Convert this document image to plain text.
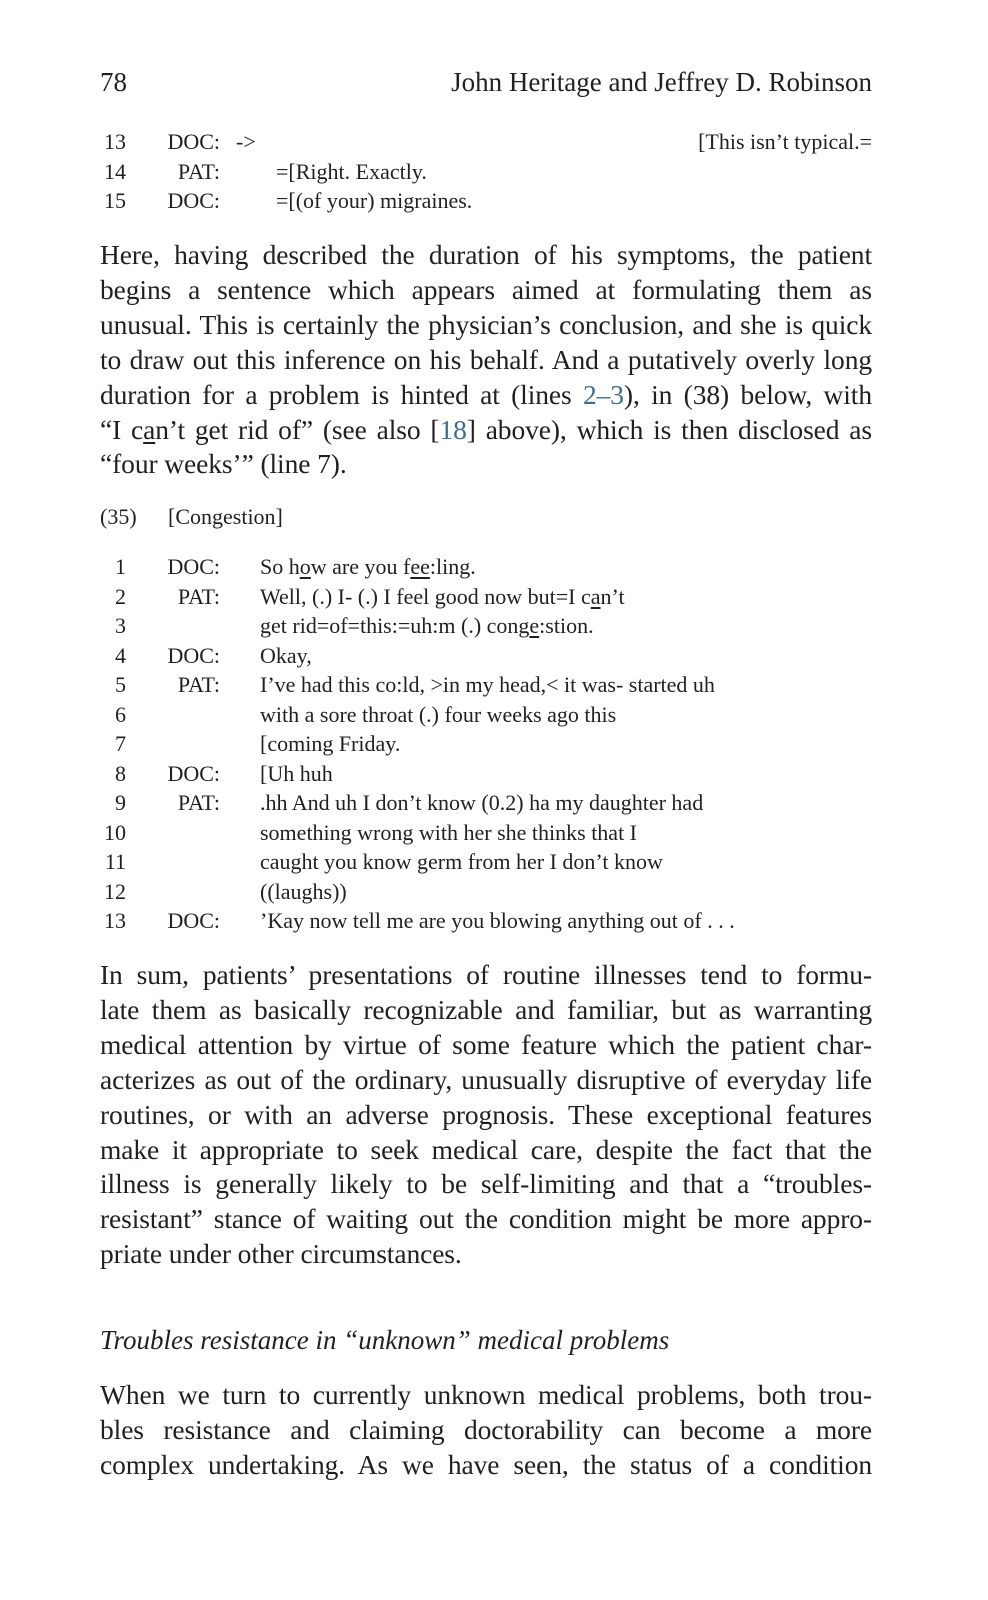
78	John Heritage and Jeffrey D. Robinson
13	DOC: ->	[This isn’t typical.=
14	PAT:	=[Right. Exactly.
15	DOC:	=[(of your) migraines.
Here, having described the duration of his symptoms, the patient
begins a sentence which appears aimed at formulating them as
unusual. This is certainly the physician’s conclusion, and she is quick
to draw out this inference on his behalf. And a putatively overly long
duration for a problem is hinted at (lines 2–3), in (38) below, with
“I can’t get rid of” (see also [18] above), which is then disclosed as
“four weeks’” (line 7).
(35) [Congestion]
1	DOC: So how are you fee:ling.
2	PAT: Well, (.) I- (.) I feel good now but=I can’t
3	get rid=of=this:=uh:m (.) conge:stion.
4	DOC: Okay,
5	PAT: I’ve had this co:ld, >in my head,< it was- started uh
6	with a sore throat (.) four weeks ago this
7	[coming Friday.
8	DOC: [Uh huh
9	PAT: .hh And uh I don’t know (0.2) ha my daughter had
10	something wrong with her she thinks that I
11	caught you know germ from her I don’t know
12	((laughs))
13	DOC: ’Kay now tell me are you blowing anything out of . . .
In sum, patients’ presentations of routine illnesses tend to formu-
late them as basically recognizable and familiar, but as warranting
medical attention by virtue of some feature which the patient char-
acterizes as out of the ordinary, unusually disruptive of everyday life
routines, or with an adverse prognosis. These exceptional features
make it appropriate to seek medical care, despite the fact that the
illness is generally likely to be self-limiting and that a “troubles-
resistant” stance of waiting out the condition might be more appro-
priate under other circumstances.
Troubles resistance in “unknown” medical problems
When we turn to currently unknown medical problems, both trou-
bles resistance and claiming doctorability can become a more
complex undertaking. As we have seen, the status of a condition
